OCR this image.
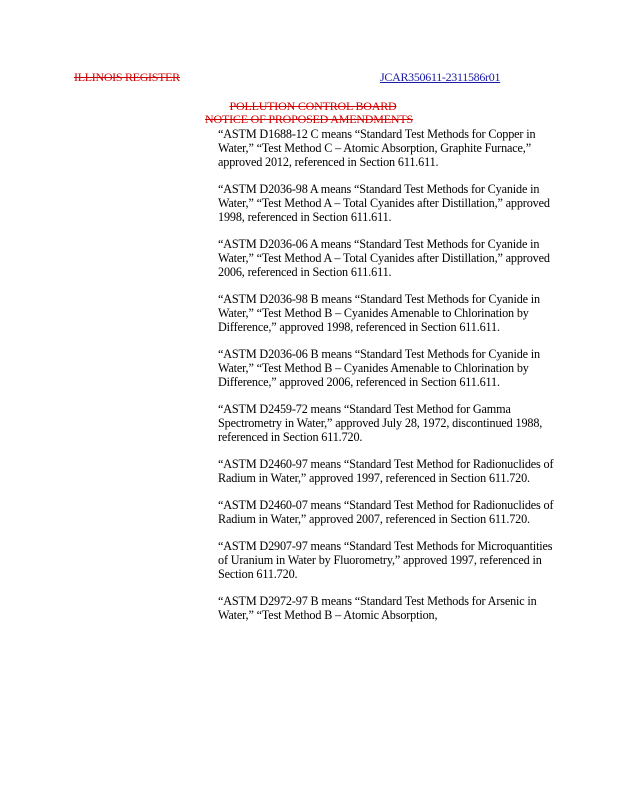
ILLINOIS REGISTER	JCAR350611-2311586r01
POLLUTION CONTROL BOARD
NOTICE OF PROPOSED AMENDMENTS

“ASTM D1688-12 C means “Standard Test Methods for Copper in Water,” “Test Method C – Atomic Absorption, Graphite Furnace,” approved 2012, referenced in Section 611.611.

“ASTM D2036-98 A means “Standard Test Methods for Cyanide in Water,” “Test Method A – Total Cyanides after Distillation,” approved 1998, referenced in Section 611.611.

“ASTM D2036-06 A means “Standard Test Methods for Cyanide in Water,” “Test Method A – Total Cyanides after Distillation,” approved 2006, referenced in Section 611.611.

“ASTM D2036-98 B means “Standard Test Methods for Cyanide in Water,” “Test Method B – Cyanides Amenable to Chlorination by Difference,” approved 1998, referenced in Section 611.611.

“ASTM D2036-06 B means “Standard Test Methods for Cyanide in Water,” “Test Method B – Cyanides Amenable to Chlorination by Difference,” approved 2006, referenced in Section 611.611.

“ASTM D2459-72 means “Standard Test Method for Gamma Spectrometry in Water,” approved July 28, 1972, discontinued 1988, referenced in Section 611.720.

“ASTM D2460-97 means “Standard Test Method for Radionuclides of Radium in Water,” approved 1997, referenced in Section 611.720.

“ASTM D2460-07 means “Standard Test Method for Radionuclides of Radium in Water,” approved 2007, referenced in Section 611.720.

“ASTM D2907-97 means “Standard Test Methods for Microquantities of Uranium in Water by Fluorometry,” approved 1997, referenced in Section 611.720.

“ASTM D2972-97 B means “Standard Test Methods for Arsenic in Water,” “Test Method B – Atomic Absorption,
